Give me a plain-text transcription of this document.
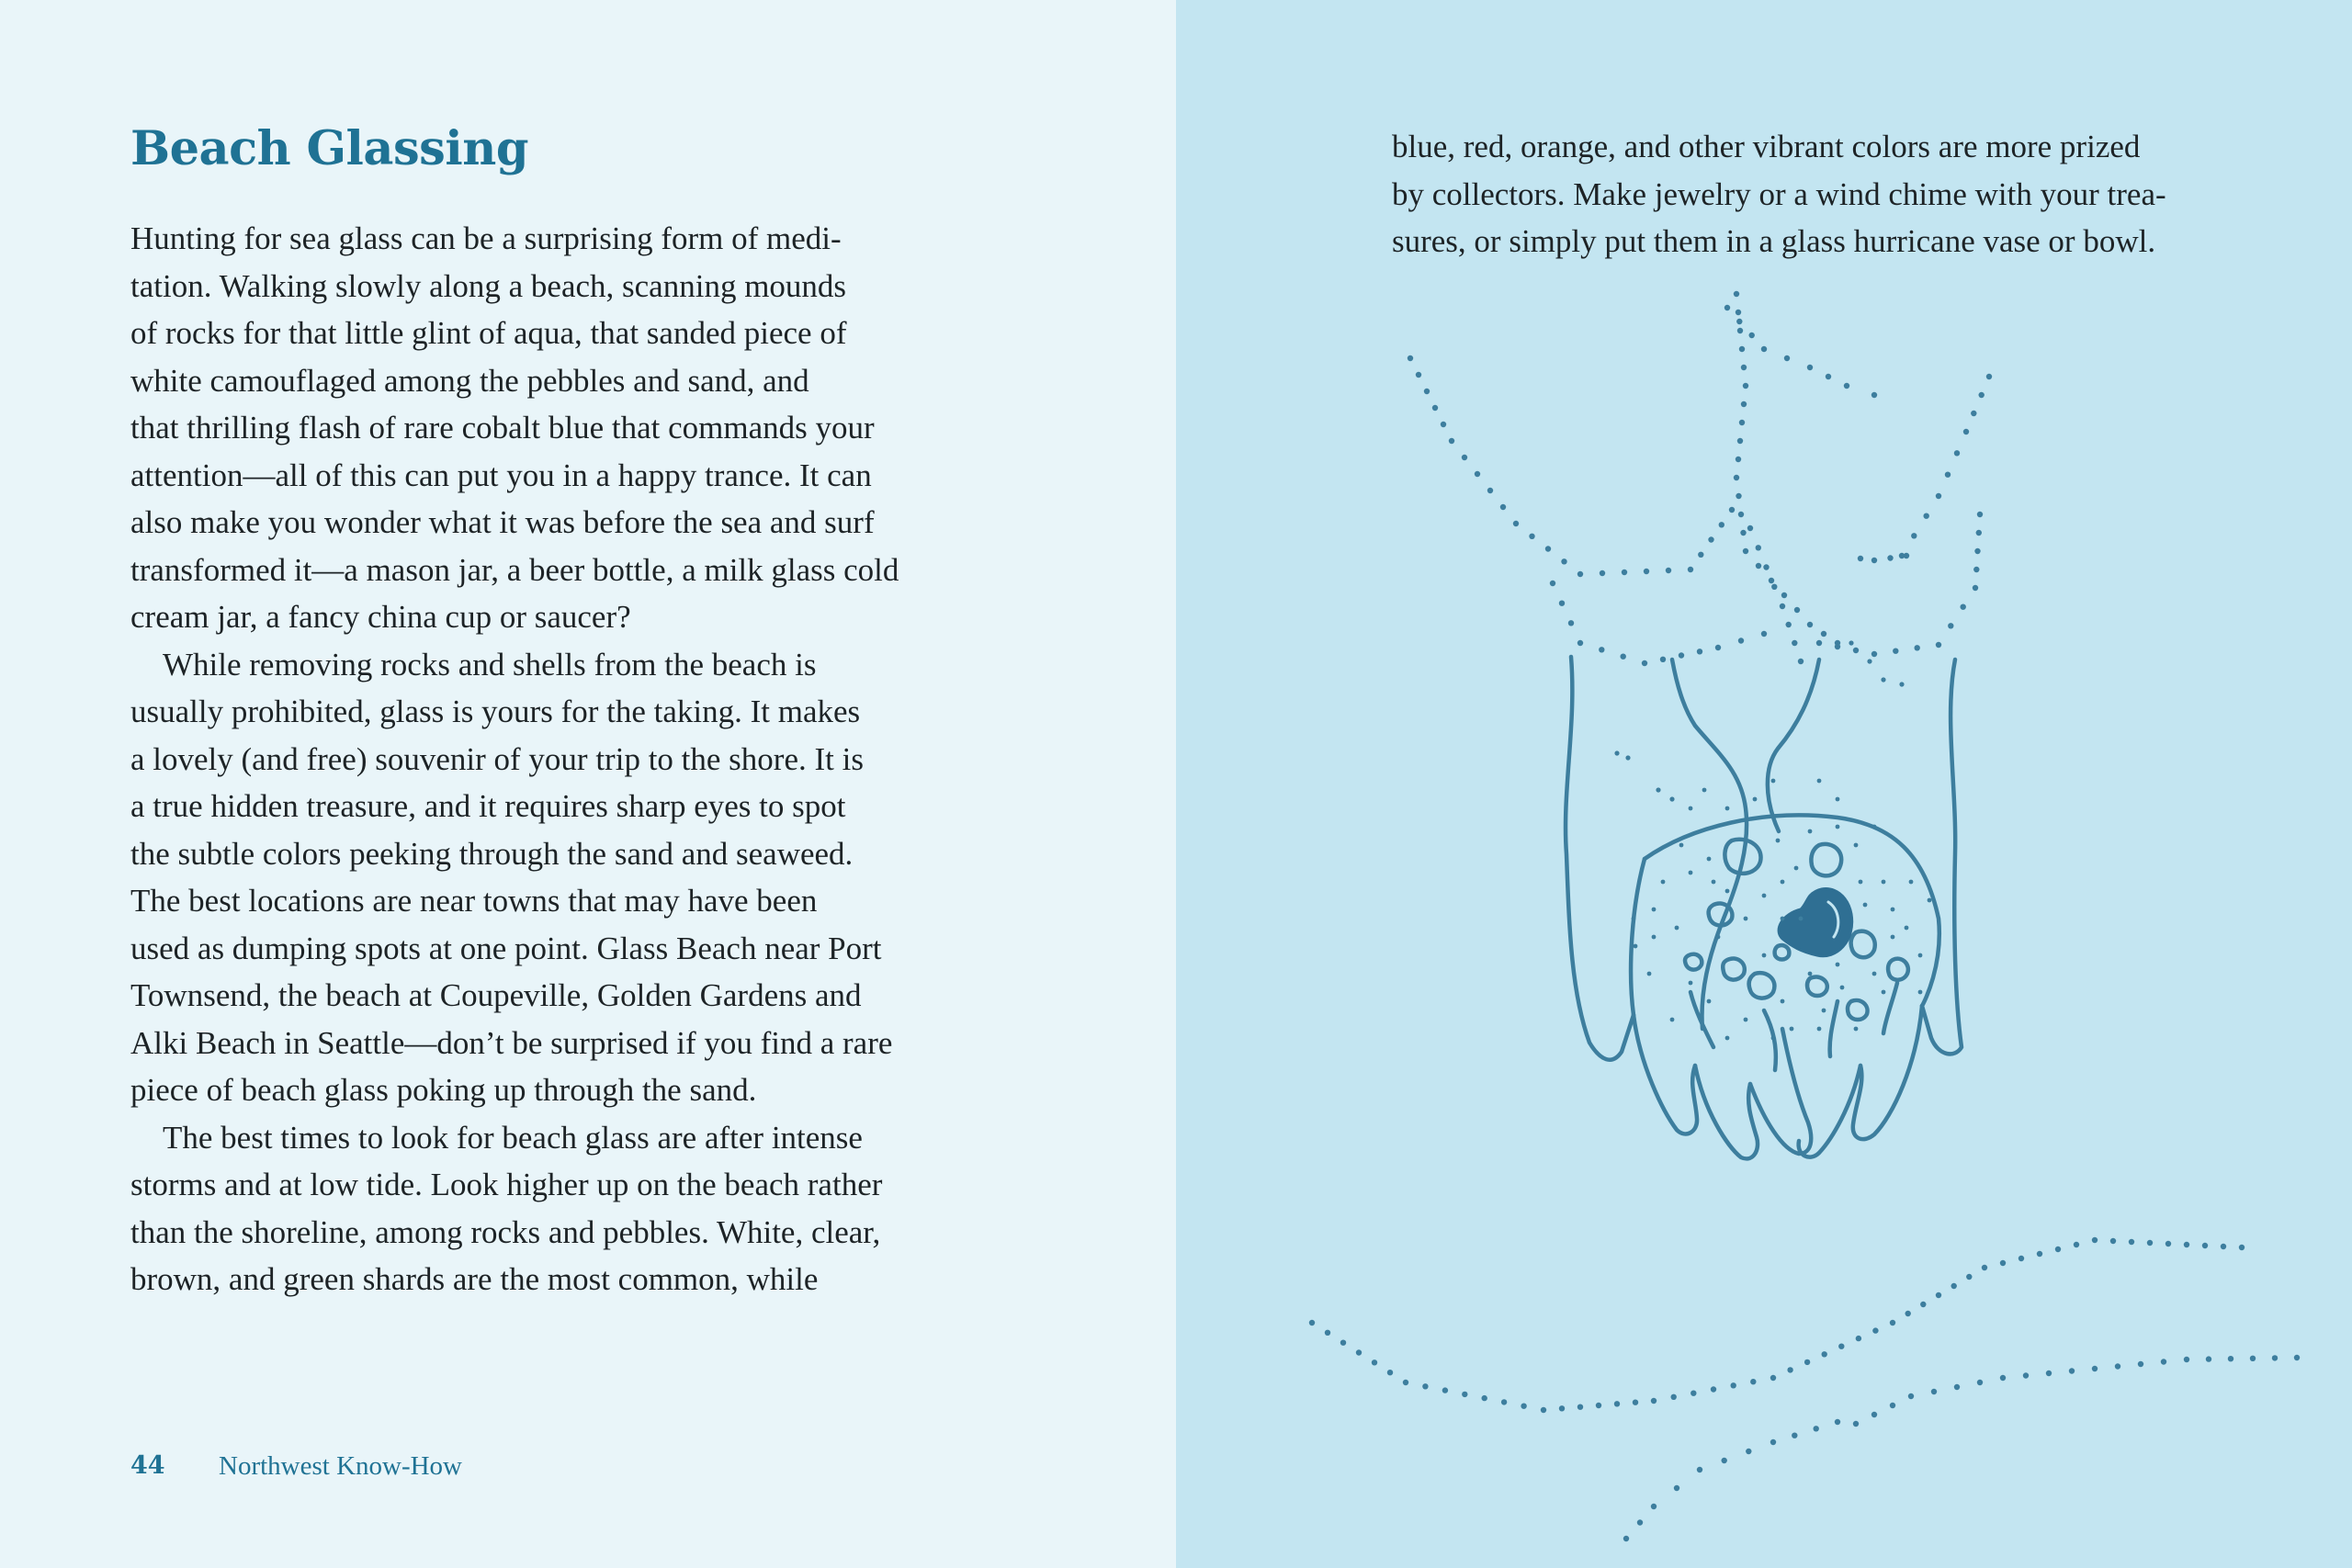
Beach Glassing
Hunting for sea glass can be a surprising form of medi-
tation. Walking slowly along a beach, scanning mounds
of rocks for that little glint of aqua, that sanded piece of
white camouflaged among the pebbles and sand, and
that thrilling flash of rare cobalt blue that commands your
attention—all of this can put you in a happy trance. It can
also make you wonder what it was before the sea and surf
transformed it—a mason jar, a beer bottle, a milk glass cold
cream jar, a fancy china cup or saucer?
While removing rocks and shells from the beach is
usually prohibited, glass is yours for the taking. It makes
a lovely (and free) souvenir of your trip to the shore. It is
a true hidden treasure, and it requires sharp eyes to spot
the subtle colors peeking through the sand and seaweed.
The best locations are near towns that may have been
used as dumping spots at one point. Glass Beach near Port
Townsend, the beach at Coupeville, Golden Gardens and
Alki Beach in Seattle—don’t be surprised if you find a rare
piece of beach glass poking up through the sand.
The best times to look for beach glass are after intense
storms and at low tide. Look higher up on the beach rather
than the shoreline, among rocks and pebbles. White, clear,
brown, and green shards are the most common, while
44 Northwest Know-How
blue, red, orange, and other vibrant colors are more prized
by collectors. Make jewelry or a wind chime with your trea-
sures, or simply put them in a glass hurricane vase or bowl.
